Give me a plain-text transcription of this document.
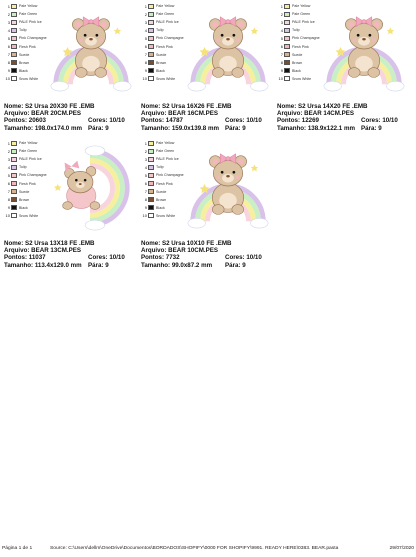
1	Pale Yellow
2	Pale Green
3	PALE Pink Ice
4	Tulip
5	Pink Champagne
6	Flesh Pink
7	Suede
8	Brown
9	Black
10	Snow White
Nome: S2 Ursa 20X30 FE .EMB
Arquivo: BEAR 20CM.PES
Pontos: 20603	Cores: 10/10
Tamanho: 198.0x174.0 mm Pára: 9
1	Pale Yellow
2	Pale Green
3	PALE Pink Ice
4	Tulip
5	Pink Champagne
6	Flesh Pink
7	Suede
8	Brown
9	Black
10	Snow White
Nome: S2 Ursa 16X26 FE .EMB
Arquivo: BEAR 16CM.PES
Pontos: 14787	Cores: 10/10
Tamanho: 159.0x139.8 mm Pára: 9
1	Pale Yellow
2	Pale Green
3	PALE Pink Ice
4	Tulip
5	Pink Champagne
6	Flesh Pink
7	Suede
8	Brown
9	Black
10	Snow White
Nome: S2 Ursa 14X20 FE .EMB
Arquivo: BEAR 14CM.PES
Pontos: 12269	Cores: 10/10
Tamanho: 138.9x122.1 mm Pára: 9
1	Pale Yellow
2	Pale Green
3	PALE Pink Ice
4	Tulip
5	Pink Champagne
6	Flesh Pink
7	Suede
8	Brown
9	Black
10	Snow White
Nome: S2 Ursa 13X18 FE .EMB
Arquivo: BEAR 13CM.PES
Pontos: 11037	Cores: 10/10
Tamanho: 113.4x129.0 mm Pára: 9
1	Pale Yellow
2	Pale Green
3	PALE Pink Ice
4	Tulip
5	Pink Champagne
6	Flesh Pink
7	Suede
8	Brown
9	Black
10	Snow White
Nome: S2 Ursa 10X10 FE .EMB
Arquivo: BEAR 10CM.PES
Pontos: 7732	Cores: 10/10
Tamanho: 99.0x87.2 mm Pára: 9
Página 1 de 1	Source: C:\Users\dellm\OneDrive\Documentos\BORDADOS\SHOPIFY\0000 FOR SHOPIFY\9991. READY HERE\0383. BEAR.pasta	29/07/2020
